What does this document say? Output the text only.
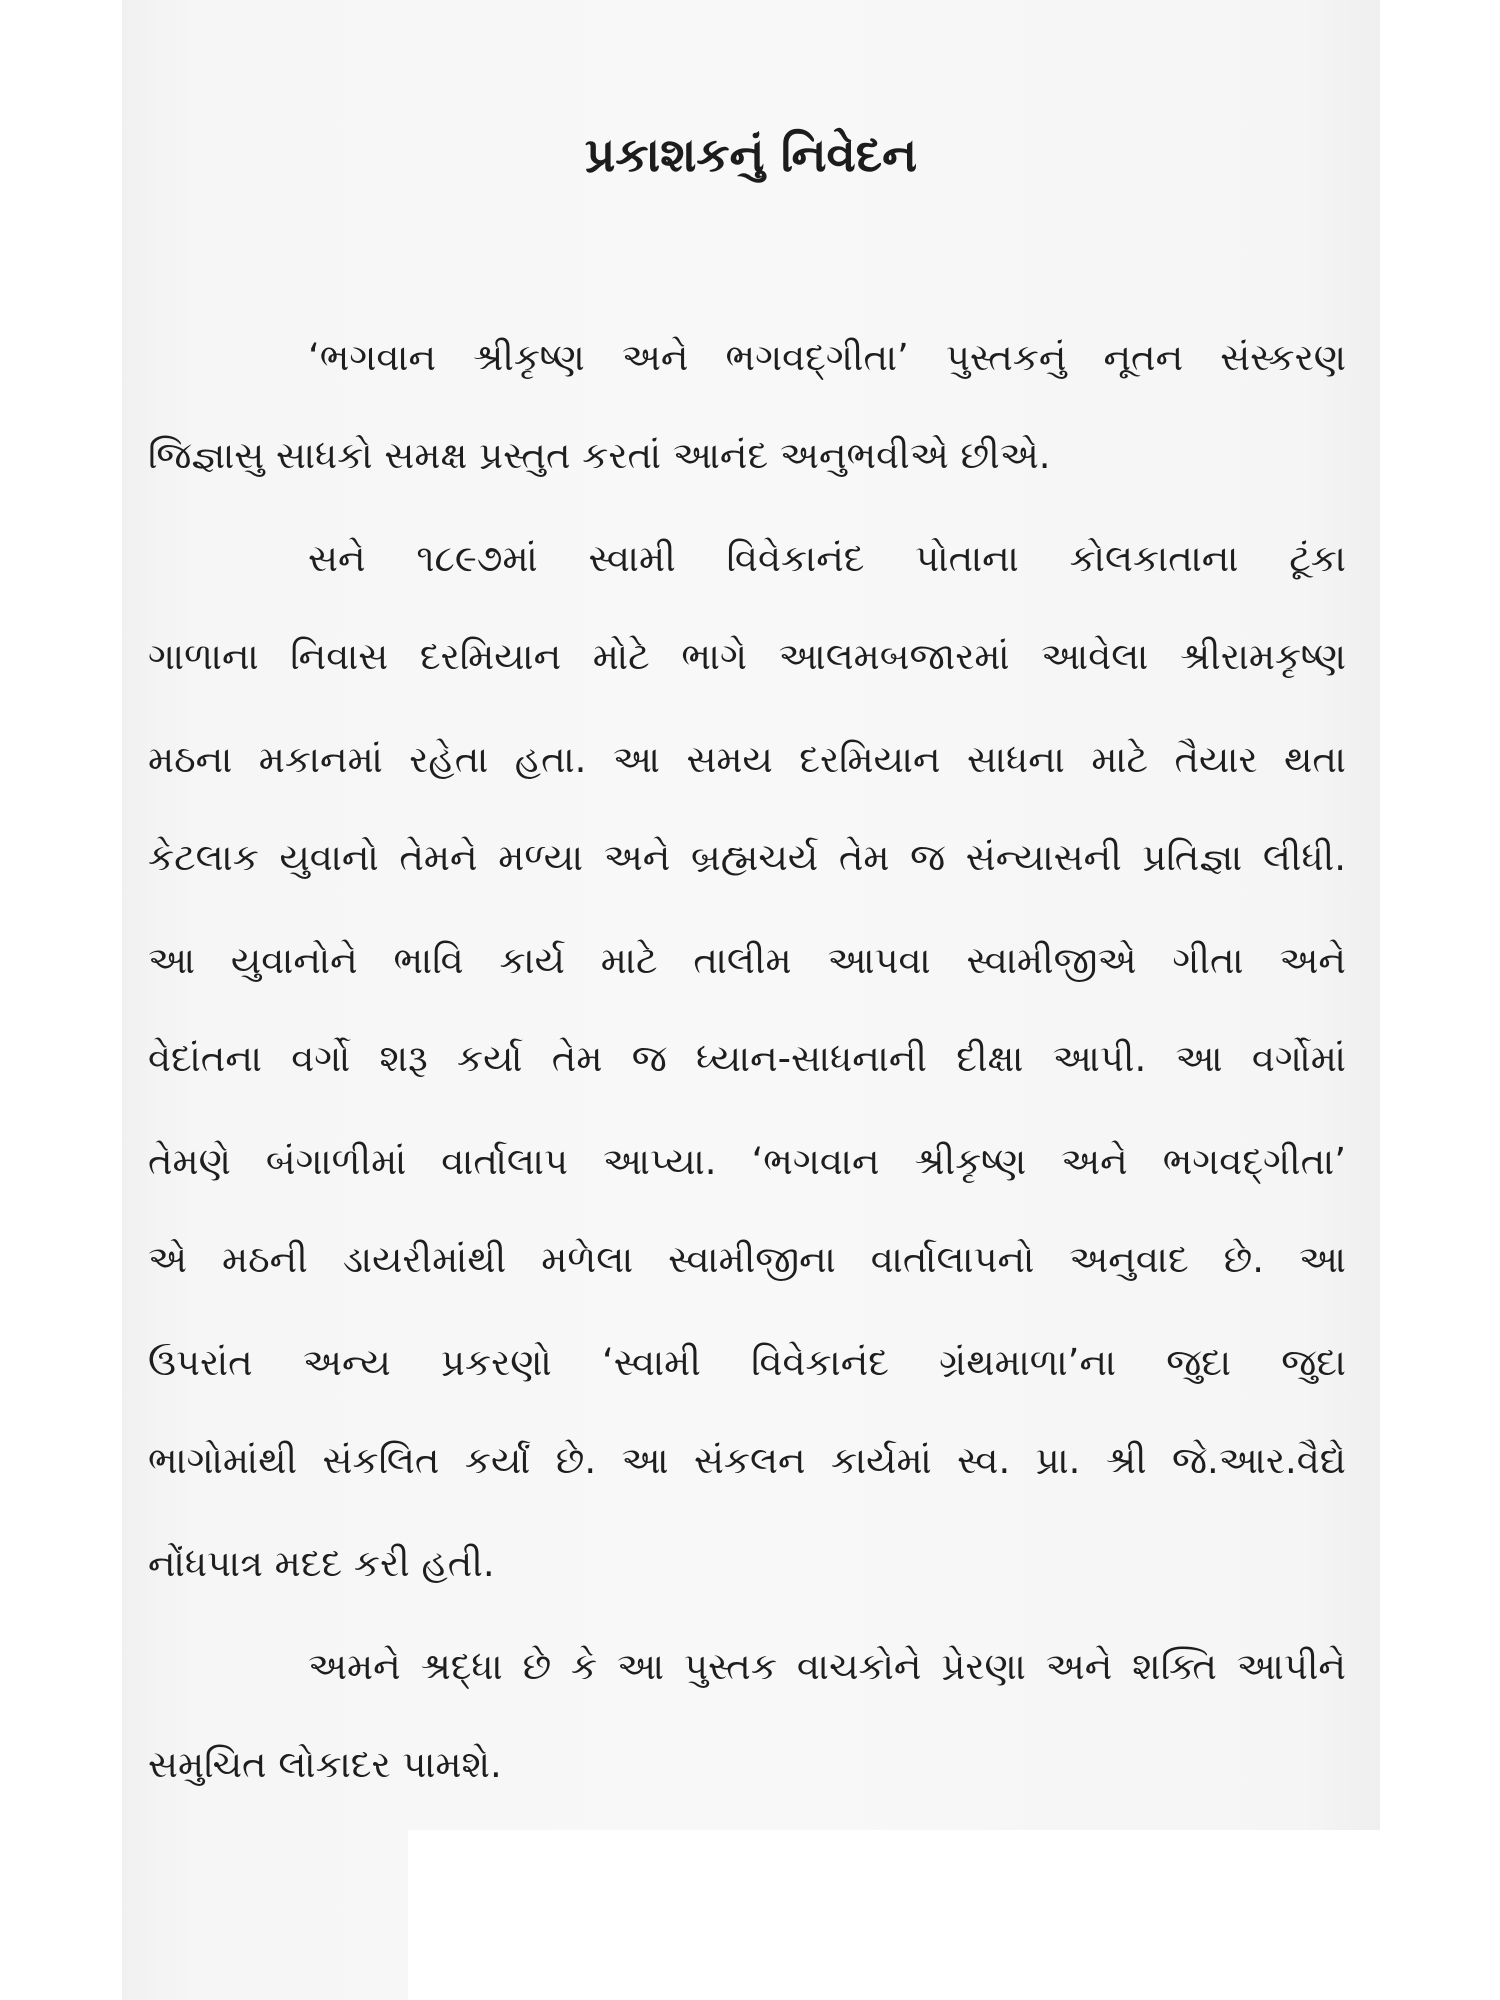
પ્રકાશકનું નિવેદન
‘ભગવાન શ્રીકૃષ્ણ અને ભગવદ્‌ગીતા’ પુસ્તકનું નૂતન સંસ્કરણ
જિજ્ઞાસુ સાધકો સમક્ષ પ્રસ્તુત કરતાં આનંદ અનુભવીએ છીએ.
સને ૧૮૯૭માં સ્વામી વિવેકાનંદ પોતાના કોલકાતાના ટૂંકા
ગાળાના નિવાસ દરમિયાન મોટે ભાગે આલમબજારમાં આવેલા શ્રીરામકૃષ્ણ
મઠના મકાનમાં રહેતા હતા. આ સમય દરમિયાન સાધના માટે તૈયાર થતા
કેટલાક યુવાનો તેમને મળ્યા અને બ્રહ્મચર્ય તેમ જ સંન્યાસની પ્રતિજ્ઞા લીધી.
આ યુવાનોને ભાવિ કાર્ય માટે તાલીમ આપવા સ્વામીજીએ ગીતા અને
વેદાંતના વર્ગો શરૂ કર્યા તેમ જ ધ્યાન-સાધનાની દીક્ષા આપી. આ વર્ગોમાં
તેમણે બંગાળીમાં વાર્તાલાપ આપ્યા. ‘ભગવાન શ્રીકૃષ્ણ અને ભગવદ્‌ગીતા’
એ મઠની ડાયરીમાંથી મળેલા સ્વામીજીના વાર્તાલાપનો અનુવાદ છે. આ
ઉપરાંત અન્ય પ્રકરણો ‘સ્વામી વિવેકાનંદ ગ્રંથમાળા’ના જુદા જુદા
ભાગોમાંથી સંકલિત કર્યાં છે. આ સંકલન કાર્યમાં સ્વ. પ્રા. શ્રી જે.આર.વૈદ્યે
નોંધપાત્ર મદદ કરી હતી.
અમને શ્રદ્ધા છે કે આ પુસ્તક વાચકોને પ્રેરણા અને શક્તિ આપીને
સમુચિત લોકાદર પામશે.
